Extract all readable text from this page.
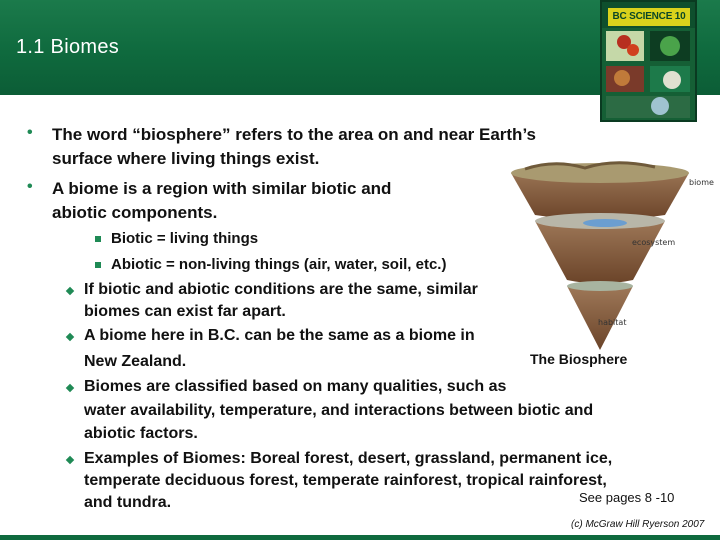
1.1 Biomes
BC SCIENCE 10
• The word “biosphere” refers to the area on and near Earth’s
surface where living things exist.
• A biome is a region with similar biotic and
abiotic components.
Biotic = living things
Abiotic = non-living things (air, water, soil, etc.)
If biotic and abiotic conditions are the same, similar
biomes can exist far apart.
A biome here in B.C. can be the same as a biome in
New Zealand.
Biomes are classified based on many qualities, such as
water availability, temperature, and interactions between biotic and
abiotic factors.
Examples of Biomes: Boreal forest, desert, grassland, permanent ice,
temperate deciduous forest, temperate rainforest, tropical rainforest,
and tundra.
biome
ecosystem
habitat
The Biosphere
See pages 8 -10
(c) McGraw Hill Ryerson 2007
